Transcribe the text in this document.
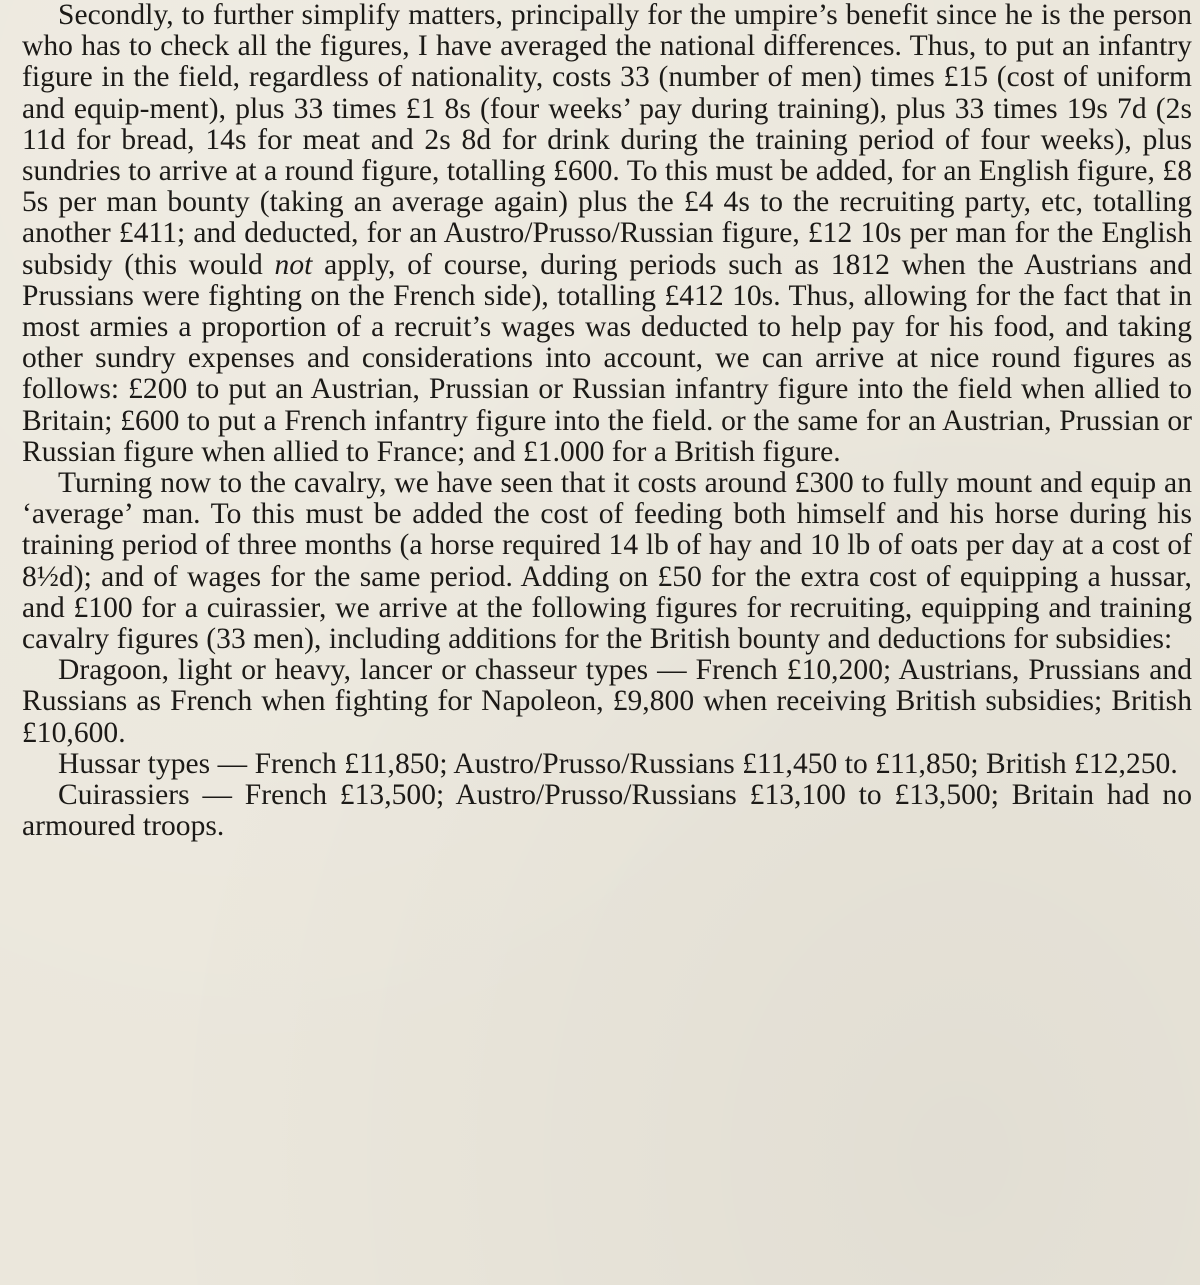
Secondly, to further simplify matters, principally for the umpire’s benefit since he is the person who has to check all the figures, I have averaged the national differences. Thus, to put an infantry figure in the field, regardless of nationality, costs 33 (number of men) times £15 (cost of uniform and equip-ment), plus 33 times £1 8s (four weeks’ pay during training), plus 33 times 19s 7d (2s 11d for bread, 14s for meat and 2s 8d for drink during the training period of four weeks), plus sundries to arrive at a round figure, totalling £600. To this must be added, for an English figure, £8 5s per man bounty (taking an average again) plus the £4 4s to the recruiting party, etc, totalling another £411; and deducted, for an Austro/Prusso/Russian figure, £12 10s per man for the English subsidy (this would not apply, of course, during periods such as 1812 when the Austrians and Prussians were fighting on the French side), totalling £412 10s. Thus, allowing for the fact that in most armies a proportion of a recruit’s wages was deducted to help pay for his food, and taking other sundry expenses and considerations into account, we can arrive at nice round figures as follows: £200 to put an Austrian, Prussian or Russian infantry figure into the field when allied to Britain; £600 to put a French infantry figure into the field. or the same for an Austrian, Prussian or Russian figure when allied to France; and £1.000 for a British figure.

Turning now to the cavalry, we have seen that it costs around £300 to fully mount and equip an ‘average’ man. To this must be added the cost of feeding both himself and his horse during his training period of three months (a horse required 14 lb of hay and 10 lb of oats per day at a cost of 8½d); and of wages for the same period. Adding on £50 for the extra cost of equipping a hussar, and £100 for a cuirassier, we arrive at the following figures for recruiting, equipping and training cavalry figures (33 men), including additions for the British bounty and deductions for subsidies:

Dragoon, light or heavy, lancer or chasseur types — French £10,200; Austrians, Prussians and Russians as French when fighting for Napoleon, £9,800 when receiving British subsidies; British £10,600.

Hussar types — French £11,850; Austro/Prusso/Russians £11,450 to £11,850; British £12,250.

Cuirassiers — French £13,500; Austro/Prusso/Russians £13,100 to £13,500; Britain had no armoured troops.
